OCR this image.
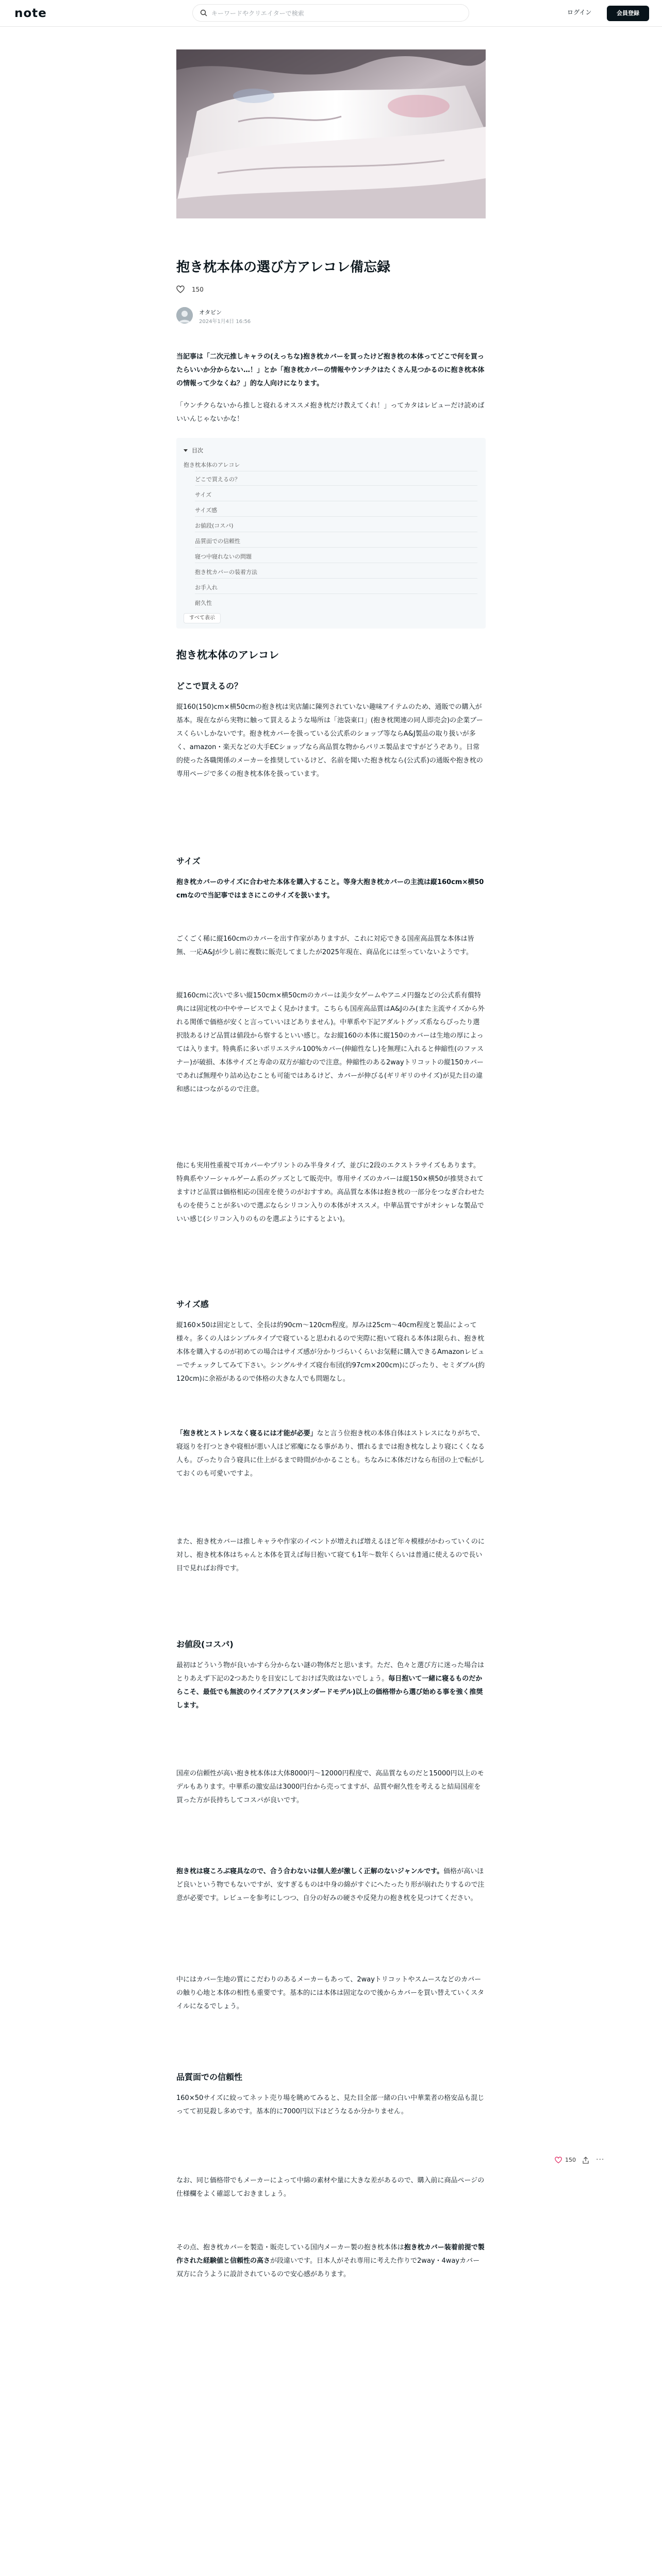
note
キーワードやクリエイターで検索	ログイン	会員登録
抱き枕本体の選び方アレコレ備忘録
150
オタビン
2024年1月4日 16:56

当記事は「二次元推しキャラの(えっちな)抱き枕カバーを買ったけど抱き枕の本体ってどこで何を買ったらいいか分からない…！」とか「抱き枕カバーの情報やウンチクはたくさん見つかるのに抱き枕本体の情報って少なくね？」的な人向けになります。

「ウンチクらないから推しと寝れるオススメ抱き枕だけ教えてくれ！」ってカタはレビューだけ読めばいいんじゃないかな！

目次
抱き枕本体のアレコレ
どこで買えるの？
サイズ
サイズ感
お値段(コスパ)
品質面での信頼性
寝つ中寝れないの問題
抱き枕カバーの装着方法
お手入れ
耐久性
すべて表示
抱き枕本体のアレコレ
どこで買えるの？

縦160(150)cm×横50cmの抱き枕は実店舗に陳列されていない趣味アイテムのため、通販での購入が基本。現在ながら実物に触って買えるような場所は「池袋東口」(抱き枕関連の同人即売会)の企業ブースくらいしかないです。抱き枕カバーを扱っている公式系のショップ等ならA&J製品の取り扱いが多く、amazon・楽天などの大手ECショップなら高品質な物からバリエ製品まですがどうぞあり。日常的使った各職関係のメーカーを推奨しているけど、名前を聞いた抱き枕なら(公式系)の通販や抱き枕の専用ページで多くの抱き枕本体を扱っています。

サイズ

抱き枕カバーのサイズに合わせた本体を購入すること。等身大抱き枕カバーの主流は縦160cm×横50cmなので当記事ではまさにこのサイズを扱います。

ごくごく稀に縦160cmのカバーを出す作家がありますが、これに対応できる国産高品質な本体は皆無、一応A&Jが少し前に複数に販売してましたが2025年現在、商品化には至っていないようです。

縦160cmに次いで多い縦150cm×横50cmのカバーは美少女ゲームやアニメ円盤などの公式系有償特典には固定枕の中やサービスでよく見かけます。こちらも国産高品質はA&Jのみ(また主流サイズから外れる関係で価格が安くと言っていいほどありません)。中華系や下記アダルトグッズ系ならぴったり選択肢あるけど品質は値段から察するといい感じ。なお縦160の本体に縦150のカバーは生地の厚によっては入ります。特典系に多いポリエステル100%カバー(伸縮性なし)を無理に入れると伸縮性(のファスナー)が破損、本体サイズと寿命の双方が縮むので注意。伸縮性のある2wayトリコットの縦150カバーであれば無理やり詰め込むことも可能ではあるけど、カバーが伸びる(ギリギリのサイズ)が見た目の違和感にはつながるので注意。

他にも実用性重視で耳カバーやプリントのみ半身タイプ、並びに2段のエクストラサイズもあります。特典系やソーシャルゲーム系のグッズとして販売中。専用サイズのカバーは縦150×横50が推奨されてますけど品質は価格相応の国産を使うのがおすすめ。高品質な本体は抱き枕の一部分をつなぎ合わせたものを使うことが多いので選ぶならシリコン入りの本体がオススメ。中華品質ですがオシャレな製品でいい感じ(シリコン入りのものを選ぶようにするとよい)。

サイズ感

縦160×50は固定として、全長は約90cm〜120cm程度。厚みは25cm〜40cm程度と製品によって様々。多くの人はシンプルタイプで寝ていると思われるので実際に抱いて寝れる本体は限られ、抱き枕本体を購入するのが初めての場合はサイズ感が分かりづらいくらいお気軽に購入できるAmazonレビューでチェックしてみて下さい。シングルサイズ寝台布団(約97cm×200cm)にぴったり、セミダブル(約120cm)に余裕があるので体格の大きな人でも問題なし。

「抱き枕とストレスなく寝るには才能が必要」なと言う位抱き枕の本体自体はストレスになりがちで、寝返りを打つときや寝相が悪い人ほど邪魔になる事があり、慣れるまでは抱き枕なしより寝にくくなる人も。ぴったり合う寝具に仕上がるまで時間がかかることも。ちなみに本体だけなら布団の上で転がしておくのも可愛いですよ。

また、抱き枕カバーは推しキャラや作家のイベントが増えれば増えるほど年々模様がかわっていくのに対し、抱き枕本体はちゃんと本体を買えば毎日抱いて寝ても1年〜数年くらいは普通に使えるので長い目で見ればお得です。

お値段(コスパ)

最初はどういう物が良いかすら分からない謎の物体だと思います。ただ、色々と選び方に迷った場合はとりあえず下記の2つあたりを目安にしておけば失敗はないでしょう。毎日抱いて一緒に寝るものだからこそ、最低でも無波のウイズアクア(スタンダードモデル)以上の価格帯から選び始める事を強く推奨します。

国産の信頼性が高い抱き枕本体は大体8000円〜12000円程度で、高品質なものだと15000円以上のモデルもあります。中華系の激安品は3000円台から売ってますが、品質や耐久性を考えると結局国産を買った方が長持ちしてコスパが良いです。

抱き枕は寝ころぶ寝具なので、合う合わないは個人差が激しく正解のないジャンルです。価格が高いほど良いという物でもないですが、安すぎるものは中身の綿がすぐにへたったり形が崩れたりするので注意が必要です。レビューを参考にしつつ、自分の好みの硬さや反発力の抱き枕を見つけてください。

中にはカバー生地の質にこだわりのあるメーカーもあって、2wayトリコットやスムースなどのカバーの触り心地と本体の相性も重要です。基本的には本体は固定なので後からカバーを買い替えていくスタイルになるでしょう。

品質面での信頼性

160×50サイズに絞ってネット売り場を眺めてみると、見た目全部一緒の白い中華業者の格安品も混じってて初見殺し多めです。基本的に7000円以下はどうなるか分かりません。

なお、同じ価格帯でもメーカーによって中綿の素材や量に大きな差があるので、購入前に商品ページの仕様欄をよく確認しておきましょう。

その点、抱き枕カバーを製造・販売している国内メーカー製の抱き枕本体は抱き枕カバー装着前提で製作された経験値と信頼性の高さが段違いです。日本人がそれ専用に考えた作りで2way・4wayカバー双方に合うように設計されているので安心感があります。

150	···
